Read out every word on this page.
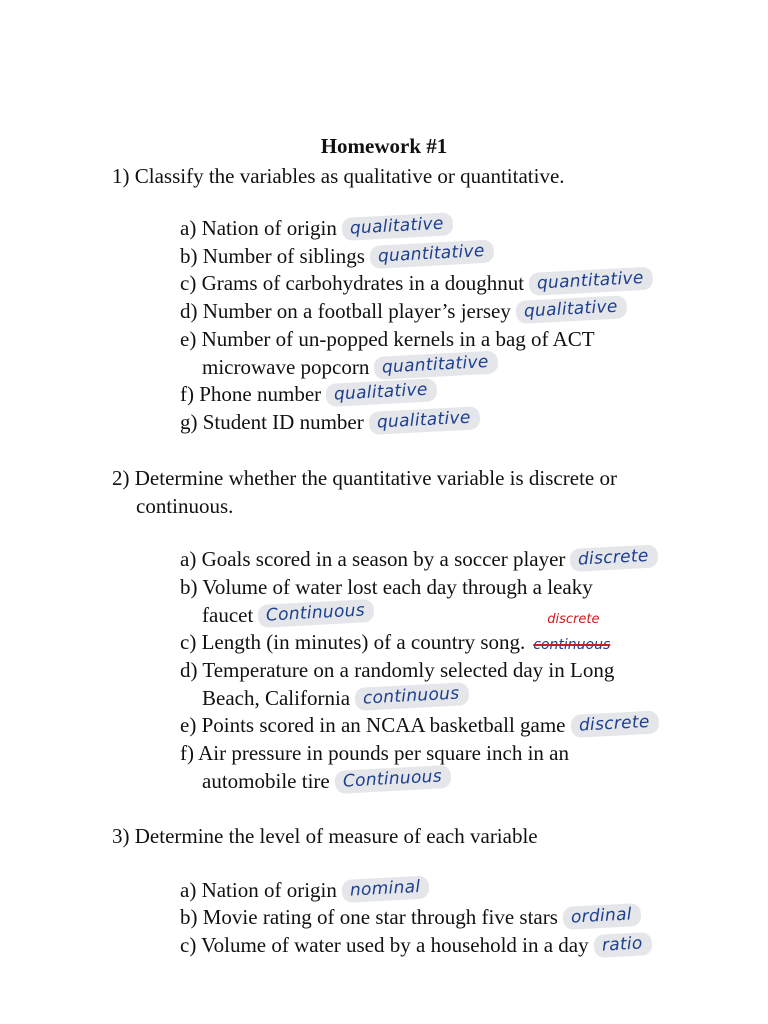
Homework #1
1) Classify the variables as qualitative or quantitative.
a) Nation of origin qualitative
b) Number of siblings quantitative
c) Grams of carbohydrates in a doughnut quantitative
d) Number on a football player’s jersey qualitative
e) Number of un-popped kernels in a bag of ACT
microwave popcorn quantitative
f) Phone number qualitative
g) Student ID number qualitative
2) Determine whether the quantitative variable is discrete or
continuous.
a) Goals scored in a season by a soccer player discrete
b) Volume of water lost each day through a leaky
faucet Continuous
c) Length (in minutes) of a country song.
discrete
continuous
d) Temperature on a randomly selected day in Long
Beach, California continuous
e) Points scored in an NCAA basketball game discrete
f) Air pressure in pounds per square inch in an
automobile tire Continuous
3) Determine the level of measure of each variable
a) Nation of origin nominal
b) Movie rating of one star through five stars ordinal
c) Volume of water used by a household in a day ratio
